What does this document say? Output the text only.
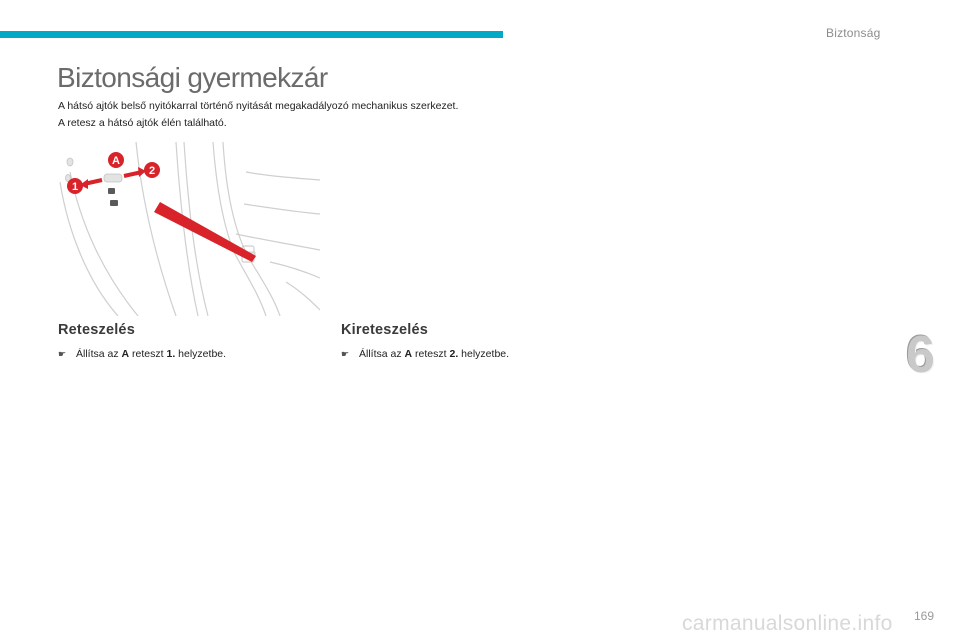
Biztonság
Biztonsági gyermekzár
A hátsó ajtók belső nyitókarral történő nyitását megakadályozó mechanikus szerkezet.
A retesz a hátsó ajtók élén található.
A
1
2
Reteszelés
☛ Állítsa az A reteszt 1. helyzetbe.
Kireteszelés
☛ Állítsa az A reteszt 2. helyzetbe.	6
carmanualsonline.info 169
